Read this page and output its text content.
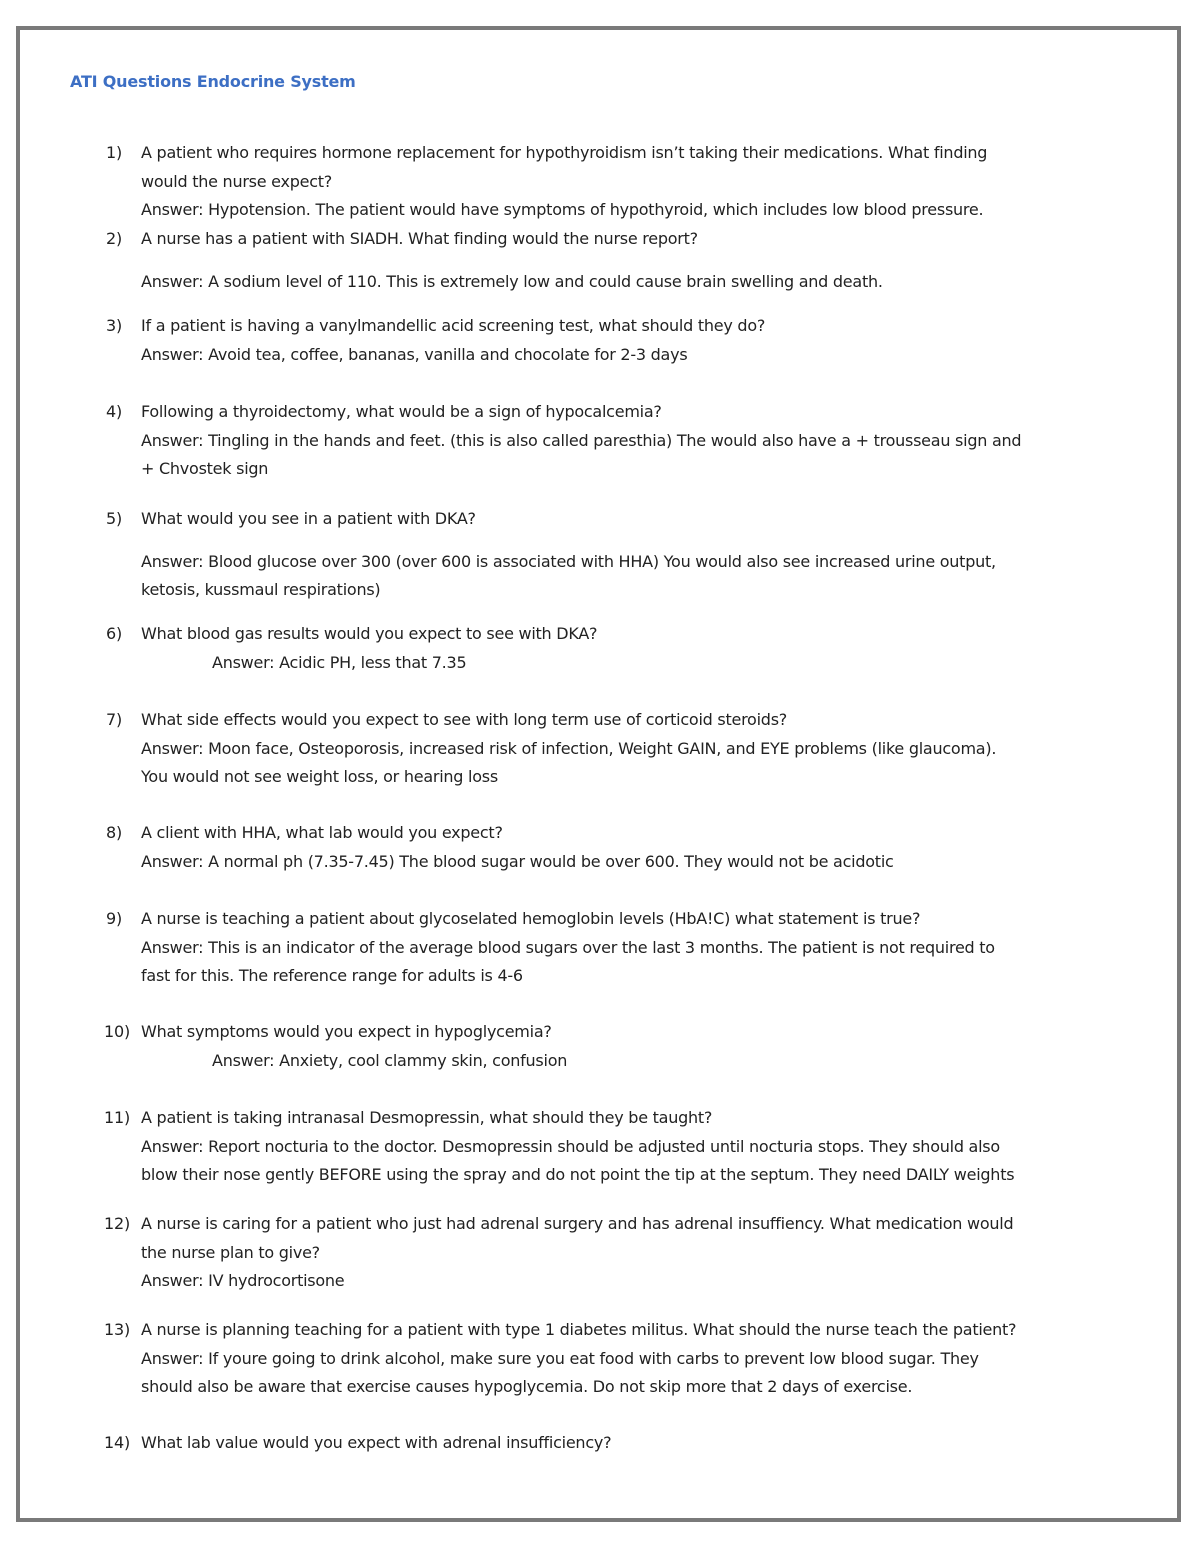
ATI Questions Endocrine System
1)	A patient who requires hormone replacement for hypothyroidism isn’t taking their medications. What finding
would the nurse expect?
Answer: Hypotension. The patient would have symptoms of hypothyroid, which includes low blood pressure.
2)	A nurse has a patient with SIADH. What finding would the nurse report?
Answer: A sodium level of 110. This is extremely low and could cause brain swelling and death.
3)	If a patient is having a vanylmandellic acid screening test, what should they do?
Answer: Avoid tea, coffee, bananas, vanilla and chocolate for 2-3 days
4)	Following a thyroidectomy, what would be a sign of hypocalcemia?
Answer: Tingling in the hands and feet. (this is also called paresthia) The would also have a + trousseau sign and
+ Chvostek sign
5)	What would you see in a patient with DKA?
Answer: Blood glucose over 300 (over 600 is associated with HHA) You would also see increased urine output,
ketosis, kussmaul respirations)
6)	What blood gas results would you expect to see with DKA?
Answer: Acidic PH, less that 7.35
7)	What side effects would you expect to see with long term use of corticoid steroids?
Answer: Moon face, Osteoporosis, increased risk of infection, Weight GAIN, and EYE problems (like glaucoma).
You would not see weight loss, or hearing loss
8)	A client with HHA, what lab would you expect?
Answer: A normal ph (7.35-7.45) The blood sugar would be over 600. They would not be acidotic
9)	A nurse is teaching a patient about glycoselated hemoglobin levels (HbA!C) what statement is true?
Answer: This is an indicator of the average blood sugars over the last 3 months. The patient is not required to
fast for this. The reference range for adults is 4-6
10) What symptoms would you expect in hypoglycemia?
Answer: Anxiety, cool clammy skin, confusion
11) A patient is taking intranasal Desmopressin, what should they be taught?
Answer: Report nocturia to the doctor. Desmopressin should be adjusted until nocturia stops. They should also
blow their nose gently BEFORE using the spray and do not point the tip at the septum. They need DAILY weights
12) A nurse is caring for a patient who just had adrenal surgery and has adrenal insuffiency. What medication would
the nurse plan to give?
Answer: IV hydrocortisone
13) A nurse is planning teaching for a patient with type 1 diabetes militus. What should the nurse teach the patient?
Answer: If youre going to drink alcohol, make sure you eat food with carbs to prevent low blood sugar. They
should also be aware that exercise causes hypoglycemia. Do not skip more that 2 days of exercise.
14) What lab value would you expect with adrenal insufficiency?
